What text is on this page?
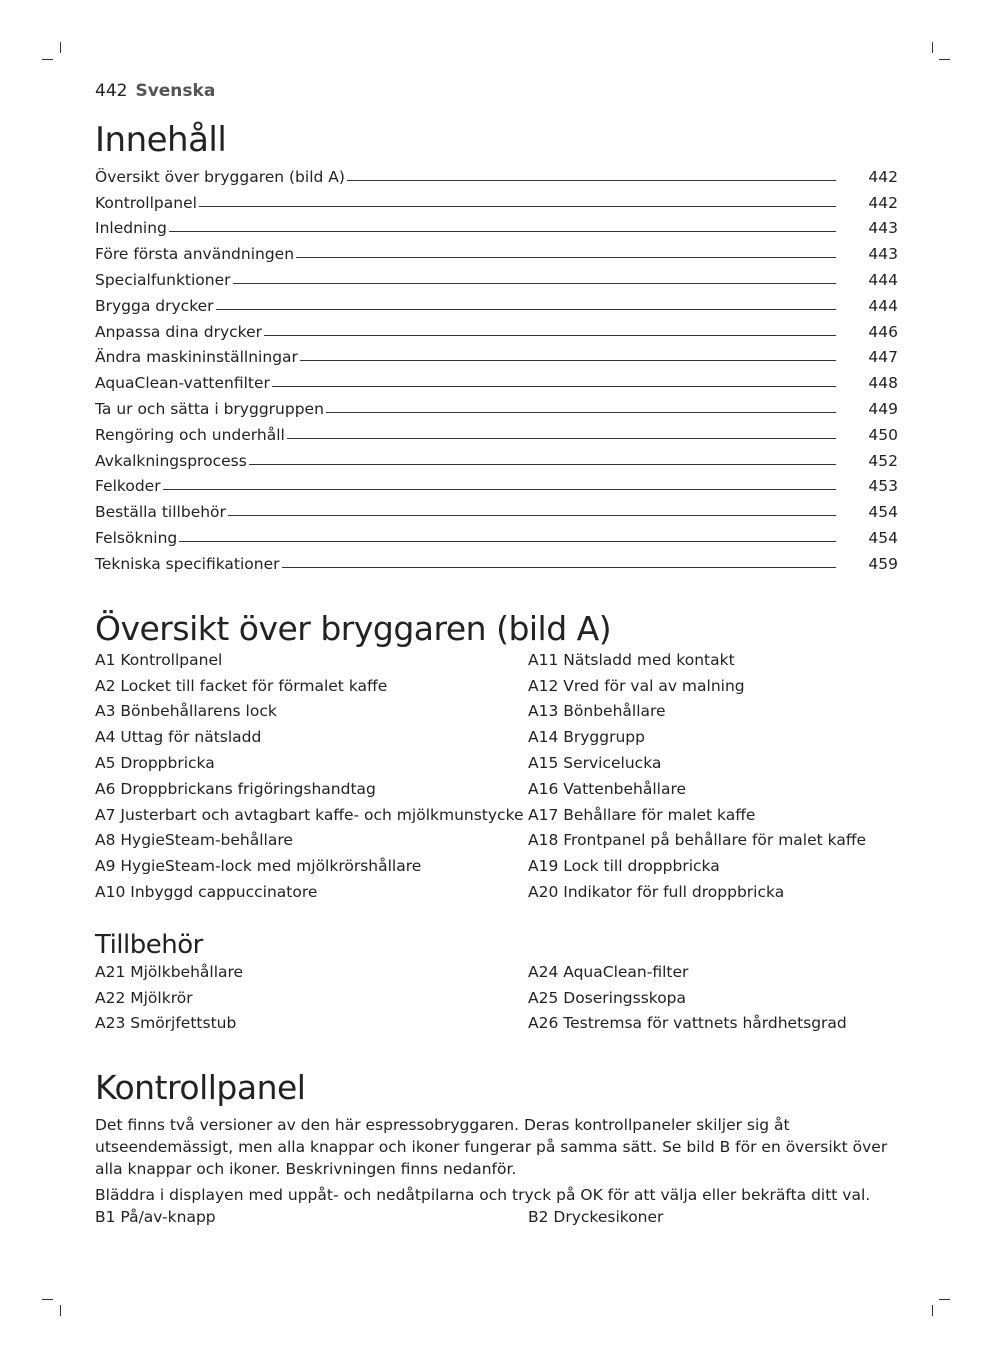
442 Svenska
Innehåll
Översikt över bryggaren (bild A)	442
Kontrollpanel	442
Inledning	443
Före första användningen	443
Specialfunktioner	444
Brygga drycker	444
Anpassa dina drycker	446
Ändra maskininställningar	447
AquaClean-vattenfilter	448
Ta ur och sätta i bryggruppen	449
Rengöring och underhåll	450
Avkalkningsprocess	452
Felkoder	453
Beställa tillbehör	454
Felsökning	454
Tekniska specifikationer	459
Översikt över bryggaren (bild A)
A1 Kontrollpanel
A2 Locket till facket för förmalet kaffe
A3 Bönbehållarens lock
A4 Uttag för nätsladd
A5 Droppbricka
A6 Droppbrickans frigöringshandtag
A7 Justerbart och avtagbart kaffe- och mjölkmunstycke
A8 HygieSteam-behållare
A9 HygieSteam-lock med mjölkrörshållare
A10 Inbyggd cappuccinatore
A11 Nätsladd med kontakt
A12 Vred för val av malning
A13 Bönbehållare
A14 Bryggrupp
A15 Servicelucka
A16 Vattenbehållare
A17 Behållare för malet kaffe
A18 Frontpanel på behållare för malet kaffe
A19 Lock till droppbricka
A20 Indikator för full droppbricka
Tillbehör
A21 Mjölkbehållare
A22 Mjölkrör
A23 Smörjfettstub
A24 AquaClean-filter
A25 Doseringsskopa
A26 Testremsa för vattnets hårdhetsgrad
Kontrollpanel

Det finns två versioner av den här espressobryggaren. Deras kontrollpaneler skiljer sig åt utseendemässigt, men alla knappar och ikoner fungerar på samma sätt. Se bild B för en översikt över alla knappar och ikoner. Beskrivningen finns nedanför.

Bläddra i displayen med uppåt- och nedåtpilarna och tryck på OK för att välja eller bekräfta ditt val.

B1 På/av-knapp	B2 Dryckesikoner
